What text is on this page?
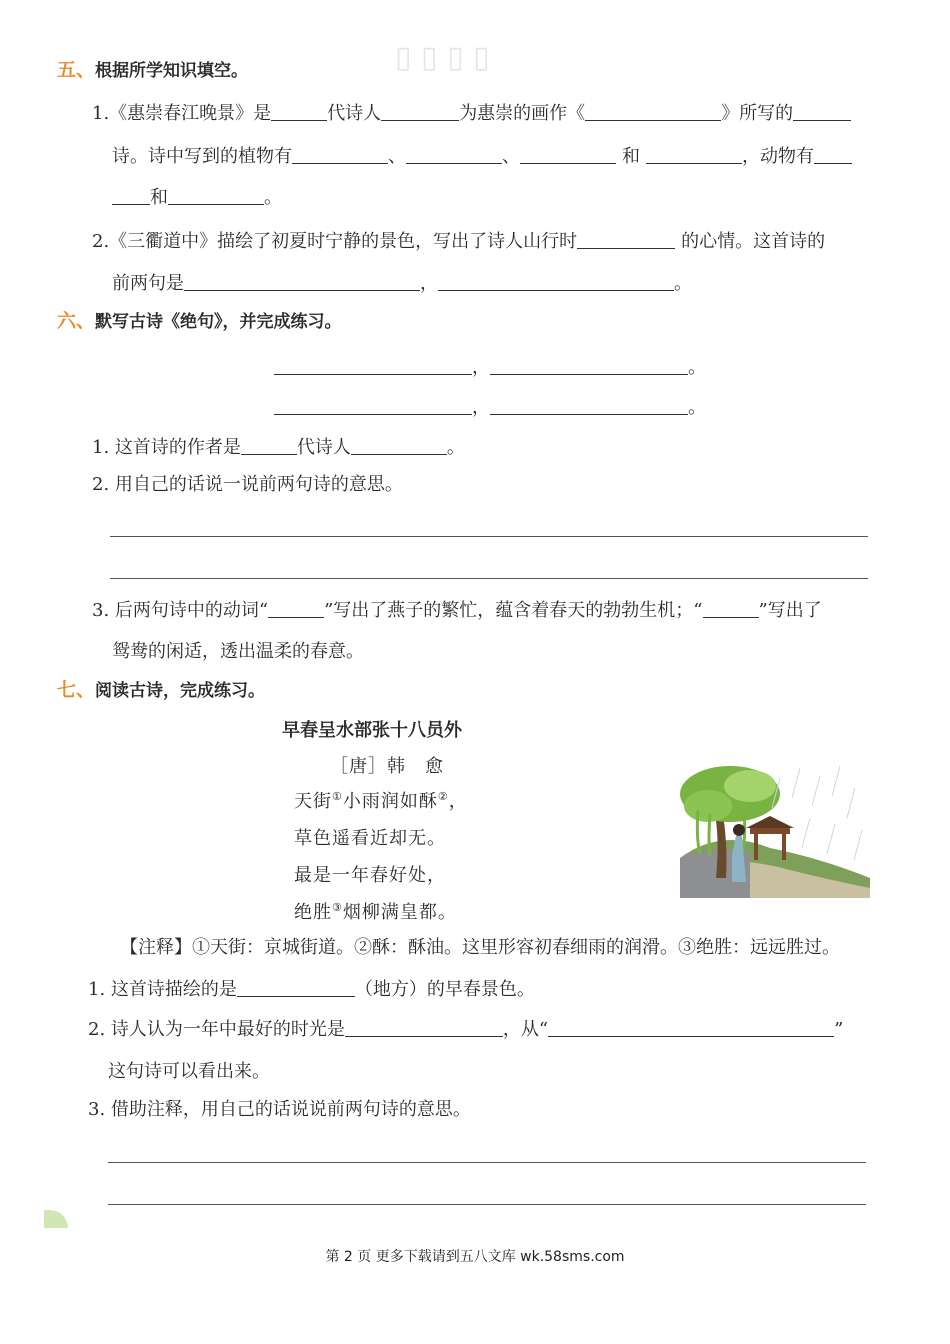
▯ ▯ ▯ ▯
五、根据所学知识填空。
1.《惠崇春江晚景》是	代诗人	为惠崇的画作《	》所写的
诗。诗中写到的植物有	、	、	和	，动物有
和	。
2.《三衢道中》描绘了初夏时宁静的景色，写出了诗人山行时	的心情。这首诗的
前两句是	，	。
六、默写古诗《绝句》，并完成练习。
，	。
，	。
1. 这首诗的作者是	代诗人	。
2. 用自己的话说一说前两句诗的意思。
3. 后两句诗中的动词“	”写出了燕子的繁忙，蕴含着春天的勃勃生机；“	”写出了
鸳鸯的闲适，透出温柔的春意。
七、阅读古诗，完成练习。
早春呈水部张十八员外
［唐］韩　愈
天街①小雨润如酥②，
草色遥看近却无。
最是一年春好处，
绝胜③烟柳满皇都。
【注释】①天街：京城街道。②酥：酥油。这里形容初春细雨的润滑。③绝胜：远远胜过。
1. 这首诗描绘的是	（地方）的早春景色。
2. 诗人认为一年中最好的时光是	，从“	”
这句诗可以看出来。
3. 借助注释，用自己的话说说前两句诗的意思。
第 2 页 更多下载请到五八文库 wk.58sms.com
